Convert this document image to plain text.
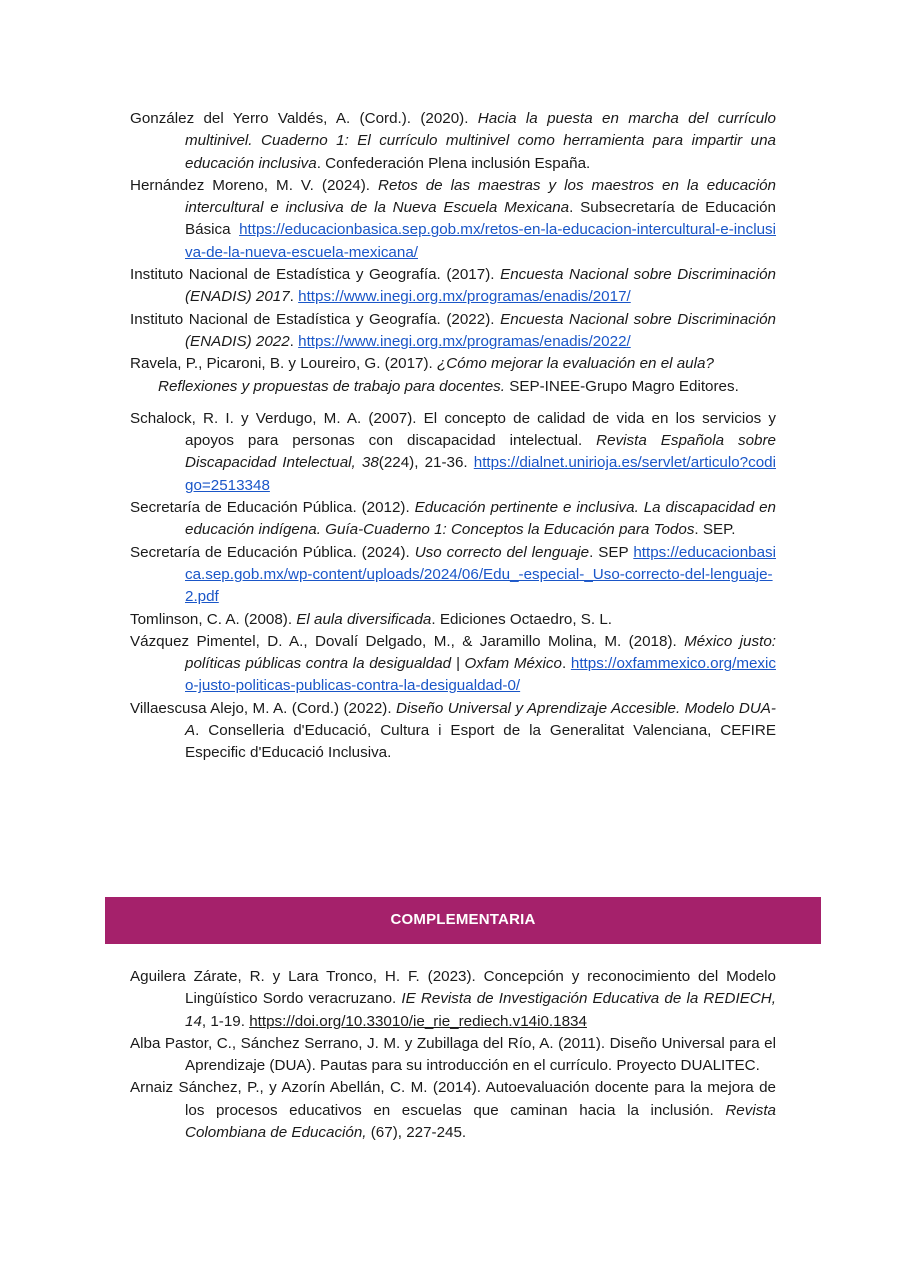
González del Yerro Valdés, A. (Cord.). (2020). Hacia la puesta en marcha del currículo multinivel. Cuaderno 1: El currículo multinivel como herramienta para impartir una educación inclusiva. Confederación Plena inclusión España.

Hernández Moreno, M. V. (2024). Retos de las maestras y los maestros en la educación intercultural e inclusiva de la Nueva Escuela Mexicana. Subsecretaría de Educación Básica https://educacionbasica.sep.gob.mx/retos-en-la-educacion-intercultural-e-inclusiva-de-la-nueva-escuela-mexicana/

Instituto Nacional de Estadística y Geografía. (2017). Encuesta Nacional sobre Discriminación (ENADIS) 2017. https://www.inegi.org.mx/programas/enadis/2017/

Instituto Nacional de Estadística y Geografía. (2022). Encuesta Nacional sobre Discriminación (ENADIS) 2022. https://www.inegi.org.mx/programas/enadis/2022/

Ravela, P., Picaroni, B. y Loureiro, G. (2017). ¿Cómo mejorar la evaluación en el aula? Reflexiones y propuestas de trabajo para docentes. SEP-INEE-Grupo Magro Editores.

Schalock, R. I. y Verdugo, M. A. (2007). El concepto de calidad de vida en los servicios y apoyos para personas con discapacidad intelectual. Revista Española sobre Discapacidad Intelectual, 38(224), 21-36. https://dialnet.unirioja.es/servlet/articulo?codigo=2513348

Secretaría de Educación Pública. (2012). Educación pertinente e inclusiva. La discapacidad en educación indígena. Guía-Cuaderno 1: Conceptos la Educación para Todos. SEP.

Secretaría de Educación Pública. (2024). Uso correcto del lenguaje. SEP https://educacionbasica.sep.gob.mx/wp-content/uploads/2024/06/Edu_-especial-_Uso-correcto-del-lenguaje-2.pdf

Tomlinson, C. A. (2008). El aula diversificada. Ediciones Octaedro, S. L.

Vázquez Pimentel, D. A., Dovalí Delgado, M., & Jaramillo Molina, M. (2018). México justo: políticas públicas contra la desigualdad | Oxfam México. https://oxfammexico.org/mexico-justo-politicas-publicas-contra-la-desigualdad-0/

Villaescusa Alejo, M. A. (Cord.) (2022). Diseño Universal y Aprendizaje Accesible. Modelo DUA-A. Conselleria d'Educació, Cultura i Esport de la Generalitat Valenciana, CEFIRE Especific d'Educació Inclusiva.

COMPLEMENTARIA

Aguilera Zárate, R. y Lara Tronco, H. F. (2023). Concepción y reconocimiento del Modelo Lingüístico Sordo veracruzano. IE Revista de Investigación Educativa de la REDIECH, 14, 1-19. https://doi.org/10.33010/ie_rie_rediech.v14i0.1834

Alba Pastor, C., Sánchez Serrano, J. M. y Zubillaga del Río, A. (2011). Diseño Universal para el Aprendizaje (DUA). Pautas para su introducción en el currículo. Proyecto DUALITEC.

Arnaiz Sánchez, P., y Azorín Abellán, C. M. (2014). Autoevaluación docente para la mejora de los procesos educativos en escuelas que caminan hacia la inclusión. Revista Colombiana de Educación, (67), 227-245.
